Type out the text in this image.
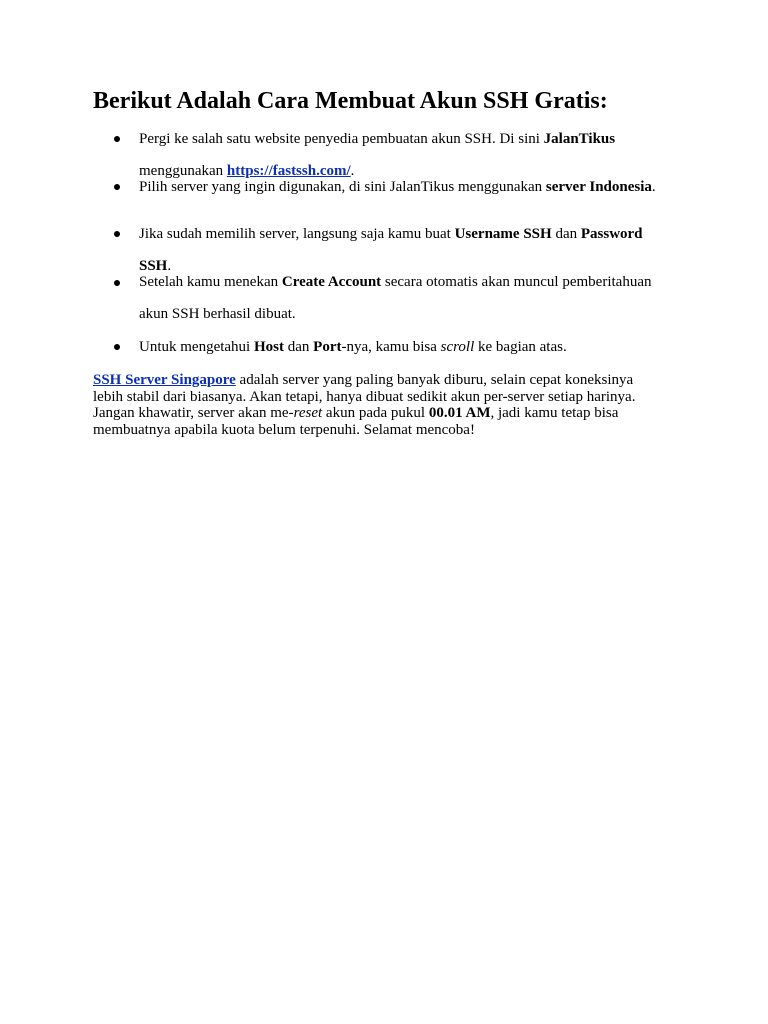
Berikut Adalah Cara Membuat Akun SSH Gratis:
Pergi ke salah satu website penyedia pembuatan akun SSH. Di sini JalanTikus
menggunakan https://fastssh.com/.
Pilih server yang ingin digunakan, di sini JalanTikus menggunakan server Indonesia.
Jika sudah memilih server, langsung saja kamu buat Username SSH dan Password
SSH.
Setelah kamu menekan Create Account secara otomatis akan muncul pemberitahuan
akun SSH berhasil dibuat.
Untuk mengetahui Host dan Port-nya, kamu bisa scroll ke bagian atas.
SSH Server Singapore adalah server yang paling banyak diburu, selain cepat koneksinya
lebih stabil dari biasanya. Akan tetapi, hanya dibuat sedikit akun per-server setiap harinya.
Jangan khawatir, server akan me-reset akun pada pukul 00.01 AM, jadi kamu tetap bisa
membuatnya apabila kuota belum terpenuhi. Selamat mencoba!
